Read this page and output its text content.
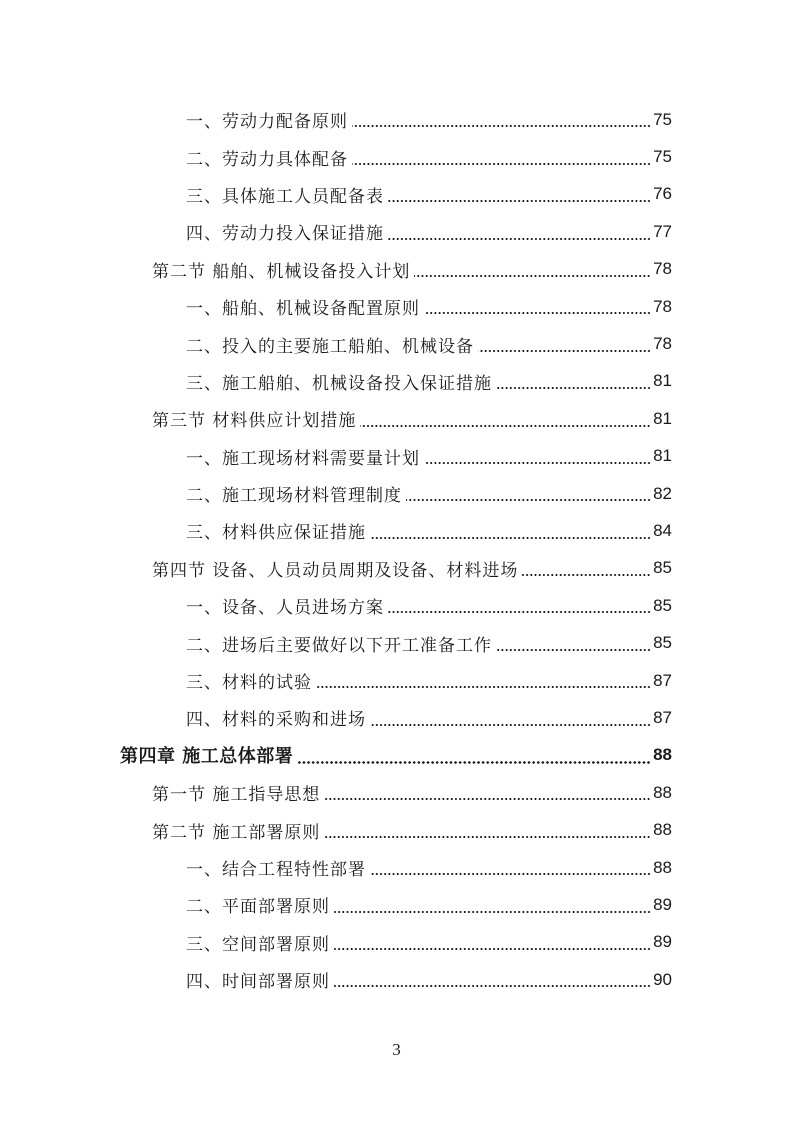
一、劳动力配备原则	75
二、劳动力具体配备	75
三、具体施工人员配备表	76
四、劳动力投入保证措施	77
第二节 船舶、机械设备投入计划	78
一、船舶、机械设备配置原则	78
二、投入的主要施工船舶、机械设备	78
三、施工船舶、机械设备投入保证措施	81
第三节 材料供应计划措施	81
一、施工现场材料需要量计划	81
二、施工现场材料管理制度	82
三、材料供应保证措施	84
第四节 设备、人员动员周期及设备、材料进场	85
一、设备、人员进场方案	85
二、进场后主要做好以下开工准备工作	85
三、材料的试验	87
四、材料的采购和进场	87
第四章 施工总体部署	88
第一节 施工指导思想	88
第二节 施工部署原则	88
一、结合工程特性部署	88
二、平面部署原则	89
三、空间部署原则	89
四、时间部署原则	90
3
